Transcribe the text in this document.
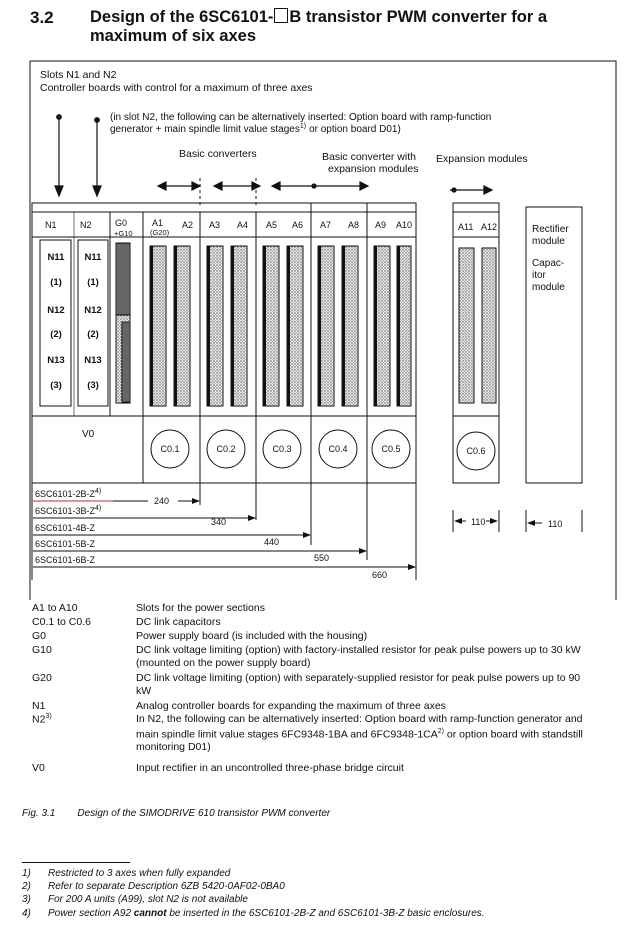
3.2 Design of the 6SC6101- B transistor PWM converter for a maximum of six axes
Slots N1 and N2
Controller boards with control for a maximum of three axes
(in slot N2, the following can be alternatively inserted: Option board with ramp-function
generator + main spindle limit value stages$^{1)}$ or option board D01)
Basic converters	Basic converter with
expansion modules
Expansion modules
N1	N2	G0
+G10
A1
(G20)
A2 A3 A4 A5 A6 A7 A8 A9 A10	A11 A12
N11
(1)
N12
(2)
N13
(3)
N11
(1)
N12
(2)
N13
(3)
V0
C0.1	C0.2	C0.3	C0.4	C0.5	C0.6
Rectifier
module
Capac-
itor
module
$6SC6101-2B-Z^{4)}$
240
$6SC6101-3B-Z^{4)}$
340
6SC6101-4B-Z
440
6SC6101-5B-Z
550
6SC6101-6B-Z
660
110	110
A1 to A10	Slots for the power sections
C0.1 to C0.6	DC link capacitors
G0	Power supply board (is included with the housing)
G10	DC link voltage limiting (option) with factory-installed resistor for peak pulse powers up to 30 kW (mounted on the power supply board)
G20	DC link voltage limiting (option) with separately-supplied resistor for peak pulse powers up to 90 kW
N1	Analog controller boards for expanding the maximum of three axes
N2$^{3)}$	In N2, the following can be alternatively inserted: Option board with ramp-function generator and main spindle limit value stages 6FC9348-1BA and 6FC9348-1CA$^{2)}$ or option board with standstill monitoring D01)
V0	Input rectifier in an uncontrolled three-phase bridge circuit
Fig. 3.1 Design of the SIMODRIVE 610 transistor PWM converter
1) Restricted to 3 axes when fully expanded
2) Refer to separate Description 6ZB 5420-0AF02-0BA0
3) For 200 A units (A99), slot N2 is not available
4) Power section A92 cannot be inserted in the 6SC6101-2B-Z and 6SC6101-3B-Z basic enclosures.
